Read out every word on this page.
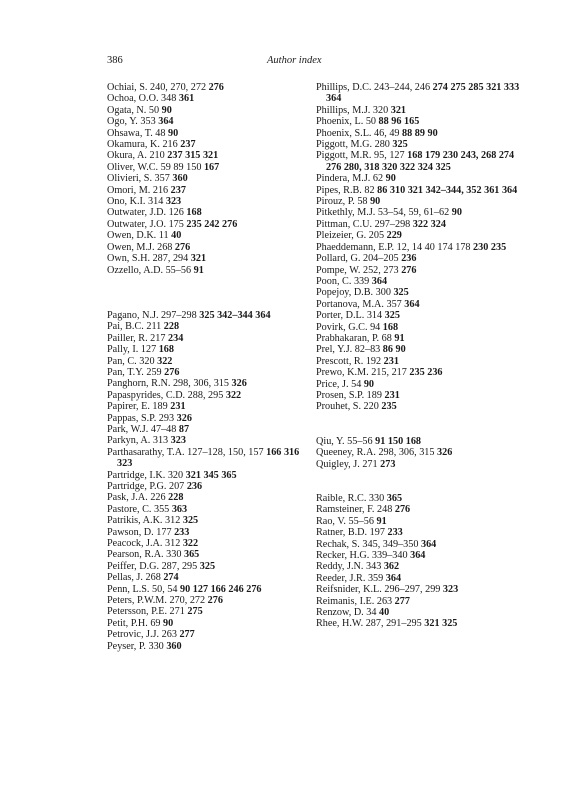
386	Author index
Ochiai, S. 240, 270, 272 276
Ochoa, O.O. 348 361
Ogata, N. 50 90
Ogo, Y. 353 364
Ohsawa, T. 48 90
Okamura, K. 216 237
Okura, A. 210 237 315 321
Oliver, W.C. 59 89 150 167
Olivieri, S. 357 360
Omori, M. 216 237
Ono, K.I. 314 323
Outwater, J.D. 126 168
Outwater, J.O. 175 235 242 276
Owen, D.K. 11 40
Owen, M.J. 268 276
Own, S.H. 287, 294 321
Ozzello, A.D. 55–56 91
Pagano, N.J. 297–298 325 342–344 364
Pai, B.C. 211 228
Pailler, R. 217 234
Pally, I. 127 168
Pan, C. 320 322
Pan, T.Y. 259 276
Panghorn, R.N. 298, 306, 315 326
Papaspyrides, C.D. 288, 295 322
Papirer, E. 189 231
Pappas, S.P. 293 326
Park, W.J. 47–48 87
Parkyn, A. 313 323
Parthasarathy, T.A. 127–128, 150, 157 166 316 323
Partridge, I.K. 320 321 345 365
Partridge, P.G. 207 236
Pask, J.A. 226 228
Pastore, C. 355 363
Patrikis, A.K. 312 325
Pawson, D. 177 233
Peacock, J.A. 312 322
Pearson, R.A. 330 365
Peiffer, D.G. 287, 295 325
Pellas, J. 268 274
Penn, L.S. 50, 54 90 127 166 246 276
Peters, P.W.M. 270, 272 276
Petersson, P.E. 271 275
Petit, P.H. 69 90
Petrovic, J.J. 263 277
Peyser, P. 330 360
Phillips, D.C. 243–244, 246 274 275 285 321 333 364
Phillips, M.J. 320 321
Phoenix, L. 50 88 96 165
Phoenix, S.L. 46, 49 88 89 90
Piggott, M.G. 280 325
Piggott, M.R. 95, 127 168 179 230 243, 268 274 276 280, 318 320 322 324 325
Pindera, M.J. 62 90
Pipes, R.B. 82 86 310 321 342–344, 352 361 364
Pirouz, P. 58 90
Pitkethly, M.J. 53–54, 59, 61–62 90
Pittman, C.U. 297–298 322 324
Pleizeier, G. 205 229
Phaeddemann, E.P. 12, 14 40 174 178 230 235
Pollard, G. 204–205 236
Pompe, W. 252, 273 276
Poon, C. 339 364
Popejoy, D.B. 300 325
Portanova, M.A. 357 364
Porter, D.L. 314 325
Povirk, G.C. 94 168
Prabhakaran, P. 68 91
Prel, Y.J. 82–83 86 90
Prescott, R. 192 231
Prewo, K.M. 215, 217 235 236
Price, J. 54 90
Prosen, S.P. 189 231
Prouhet, S. 220 235
Qiu, Y. 55–56 91 150 168
Queeney, R.A. 298, 306, 315 326
Quigley, J. 271 273
Raible, R.C. 330 365
Ramsteiner, F. 248 276
Rao, V. 55–56 91
Ratner, B.D. 197 233
Rechak, S. 345, 349–350 364
Recker, H.G. 339–340 364
Reddy, J.N. 343 362
Reeder, J.R. 359 364
Reifsnider, K.L. 296–297, 299 323
Reimanis, I.E. 263 277
Renzow, D. 34 40
Rhee, H.W. 287, 291–295 321 325
